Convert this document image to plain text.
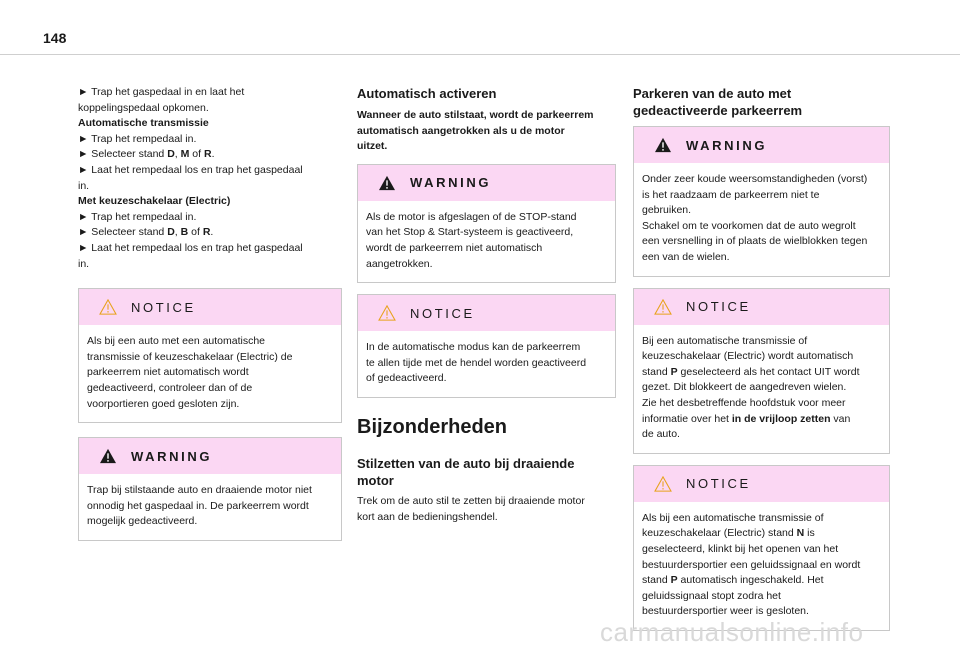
148
► Trap het gaspedaal in en laat het
koppelingspedaal opkomen.
Automatische transmissie
► Trap het rempedaal in.
► Selecteer stand D, M of R.
► Laat het rempedaal los en trap het gaspedaal
in.
Met keuzeschakelaar (Electric)
► Trap het rempedaal in.
► Selecteer stand D, B of R.
► Laat het rempedaal los en trap het gaspedaal
in.
NOTICE
Als bij een auto met een automatische
transmissie of keuzeschakelaar (Electric) de
parkeerrem niet automatisch wordt
gedeactiveerd, controleer dan of de
voorportieren goed gesloten zijn.
WARNING
Trap bij stilstaande auto en draaiende motor niet
onnodig het gaspedaal in. De parkeerrem wordt
mogelijk gedeactiveerd.
Automatisch activeren
Wanneer de auto stilstaat, wordt de parkeerrem
automatisch aangetrokken als u de motor
uitzet.
WARNING
Als de motor is afgeslagen of de STOP-stand
van het Stop & Start-systeem is geactiveerd,
wordt de parkeerrem niet automatisch
aangetrokken.
NOTICE
In de automatische modus kan de parkeerrem
te allen tijde met de hendel worden geactiveerd
of gedeactiveerd.
Bijzonderheden
Stilzetten van de auto bij draaiende
motor
Trek om de auto stil te zetten bij draaiende motor
kort aan de bedieningshendel.
Parkeren van de auto met
gedeactiveerde parkeerrem
WARNING
Onder zeer koude weersomstandigheden (vorst)
is het raadzaam de parkeerrem niet te
gebruiken.
Schakel om te voorkomen dat de auto wegrolt
een versnelling in of plaats de wielblokken tegen
een van de wielen.
NOTICE
Bij een automatische transmissie of
keuzeschakelaar (Electric) wordt automatisch
stand P geselecteerd als het contact UIT wordt
gezet. Dit blokkeert de aangedreven wielen.
Zie het desbetreffende hoofdstuk voor meer
informatie over het in de vrijloop zetten van
de auto.
NOTICE
Als bij een automatische transmissie of
keuzeschakelaar (Electric) stand N is
geselecteerd, klinkt bij het openen van het
bestuurdersportier een geluidssignaal en wordt
stand P automatisch ingeschakeld. Het
geluidssignaal stopt zodra het
bestuurdersportier weer is gesloten.
carmanualsonline.info
